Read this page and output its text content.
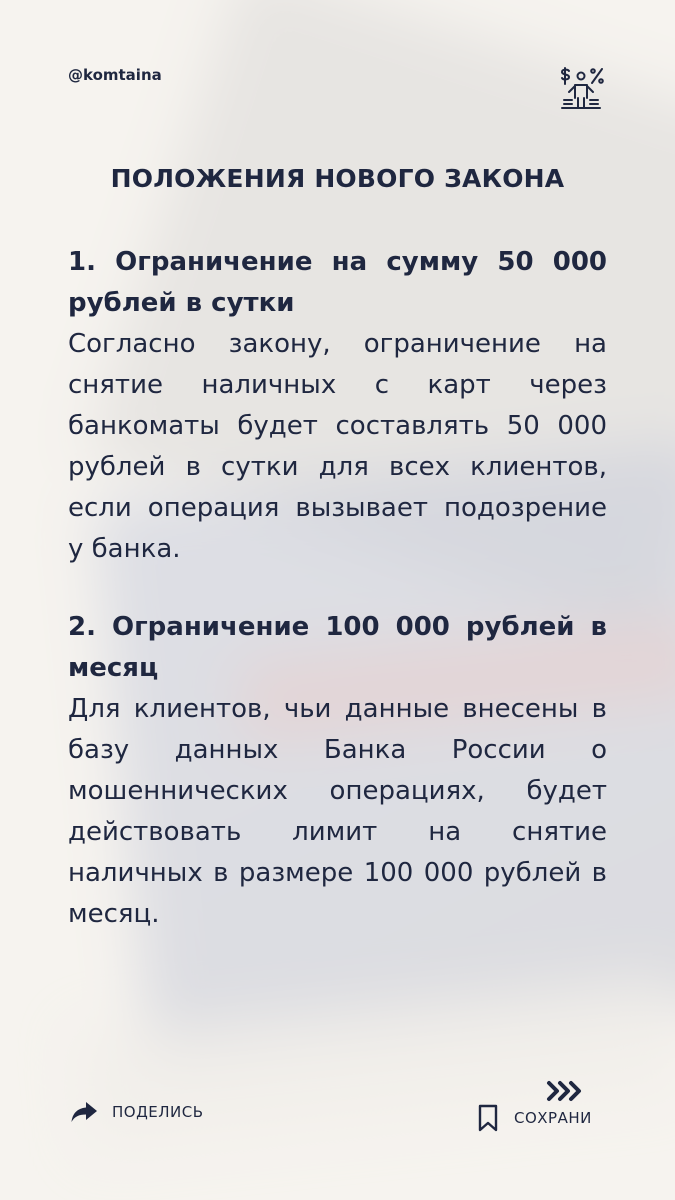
@komtaina
ПОЛОЖЕНИЯ НОВОГО ЗАКОНА
1. Ограничение на сумму 50 000 рублей в сутки
Согласно закону, ограничение на снятие наличных с карт через банкоматы будет составлять 50 000 рублей в сутки для всех клиентов, если операция вызывает подозрение у банка.
2. Ограничение 100 000 рублей в месяц
Для клиентов, чьи данные внесены в базу данных Банка России о мошеннических операциях, будет действовать лимит на снятие наличных в размере 100 000 рублей в месяц.
ПОДЕЛИСЬ	СОХРАНИ
